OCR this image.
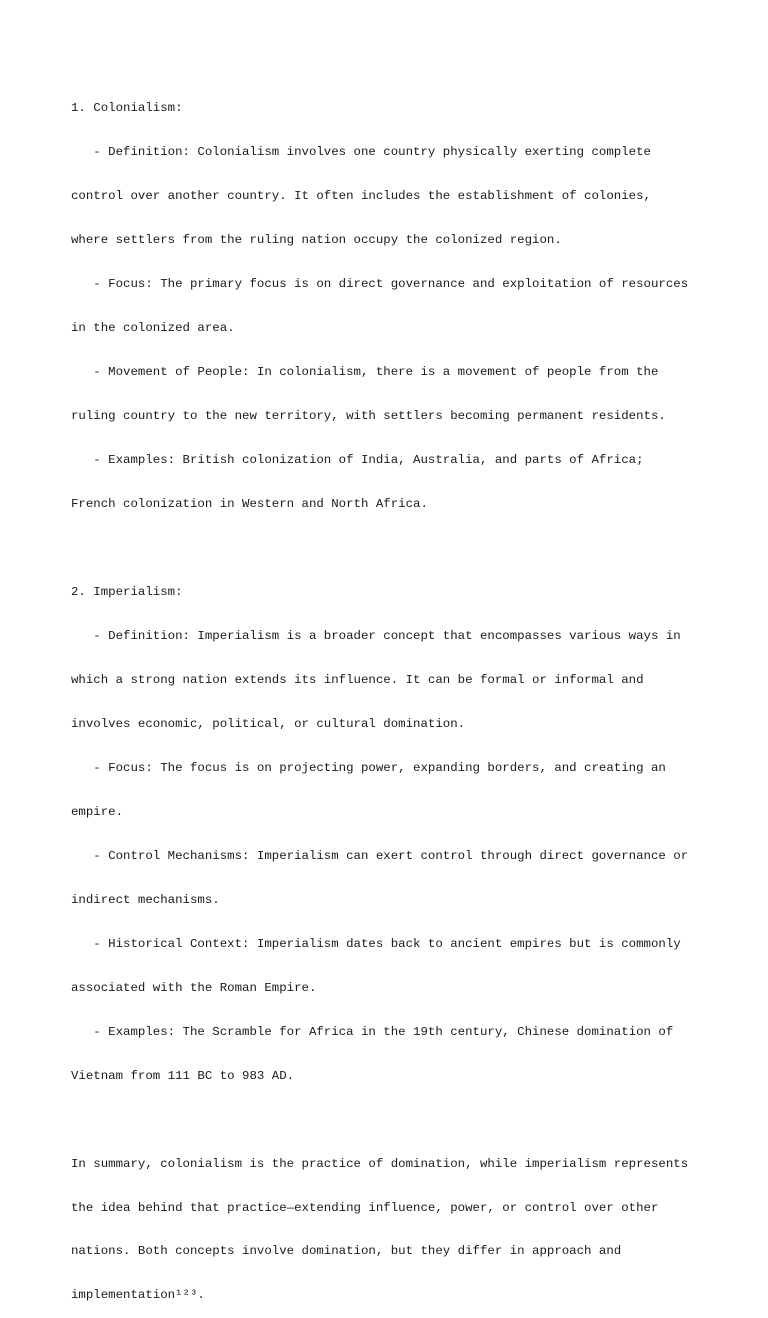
1. Colonialism:

- Definition: Colonialism involves one country physically exerting complete

control over another country. It often includes the establishment of colonies,

where settlers from the ruling nation occupy the colonized region.

- Focus: The primary focus is on direct governance and exploitation of resources

in the colonized area.

- Movement of People: In colonialism, there is a movement of people from the

ruling country to the new territory, with settlers becoming permanent residents.

- Examples: British colonization of India, Australia, and parts of Africa;

French colonization in Western and North Africa.

2. Imperialism:

- Definition: Imperialism is a broader concept that encompasses various ways in

which a strong nation extends its influence. It can be formal or informal and

involves economic, political, or cultural domination.

- Focus: The focus is on projecting power, expanding borders, and creating an

empire.

- Control Mechanisms: Imperialism can exert control through direct governance or

indirect mechanisms.

- Historical Context: Imperialism dates back to ancient empires but is commonly

associated with the Roman Empire.

- Examples: The Scramble for Africa in the 19th century, Chinese domination of

Vietnam from 111 BC to 983 AD.

In summary, colonialism is the practice of domination, while imperialism represents

the idea behind that practice—extending influence, power, or control over other

nations. Both concepts involve domination, but they differ in approach and

implementation¹²³.
